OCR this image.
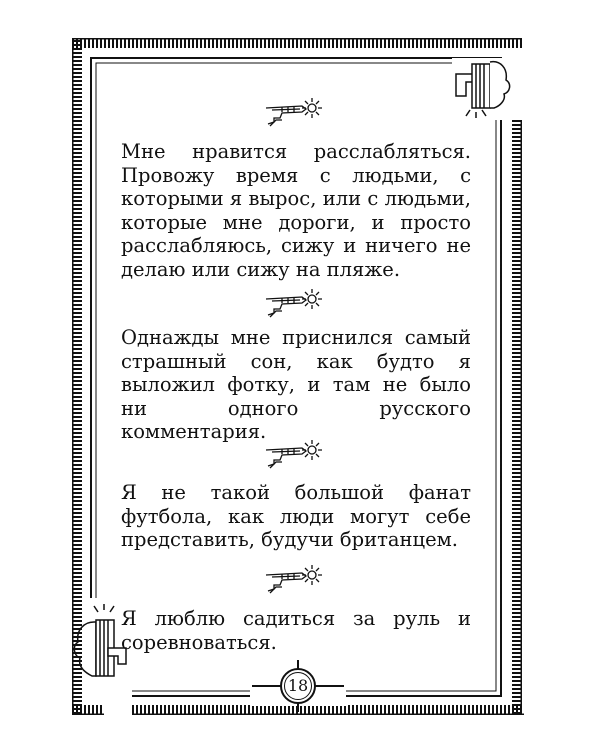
Мне нравится расслабляться. Провожу время с людьми, с которыми я вырос, или с людьми, которые мне дороги, и просто расслабляюсь, сижу и ничего не делаю или сижу на пляже.

Однажды мне приснился самый страшный сон, как будто я выложил фотку, и там не было ни одного русского комментария.

Я не такой большой фанат футбола, как люди могут себе представить, будучи британцем.

Я люблю садиться за руль и соревноваться.

18
